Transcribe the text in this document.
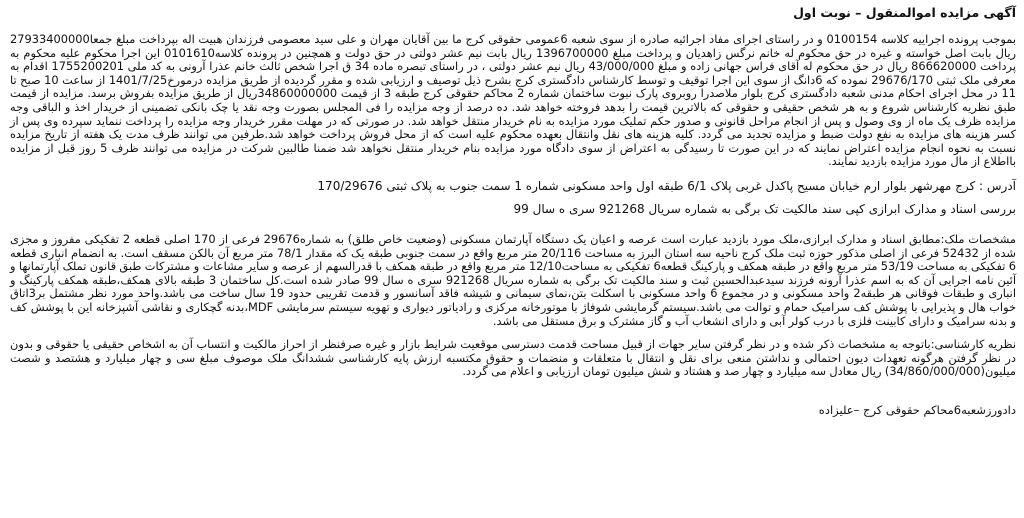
آگهی مزایده اموالمنقول – نوبت اول
بموجب پرونده اجراییه کلاسه 0100154 و در راستای اجرای مفاد اجرائیه صادره از سوی شعبه 6عمومی حقوقی کرج ما بین آقایان مهران و علی سید معصومی فرزندان هبیت اله بپرداخت مبلغ جمعا27933400000 ریال بابت اصل خواسته و غیره در حق محکوم له خانم نرگس زاهدیان و پرداخت مبلغ 1396700000 ریال بابت نیم عشر دولتی در حق دولت و همچنین در پرونده کلاسه0101610 این اجرا محکوم علیه محکوم به پرداخت 866620000 ریال در حق محکوم له آقای فراس جهانی زاده و مبلغ 43/000/000 ریال نیم عشر دولتی ، در راستای تبصره ماده 34 ق اجرا شخص ثالث خانم عذرا آرونی به کد ملی 1755200201 اقدام به معرفی ملک ثبتی 29676/170 نموده که 6دانگ از سوی این اجرا توقیف و توسط کارشناس دادگستری کرج بشرح ذیل توصیف و ارزیابی شده و مقرر گردیده از طریق مزایده درمورخ1401/7/25 از ساعت 10 صبح تا 11 در محل اجرای احکام مدنی شعبه دادگستری کرج بلوار ملاصدرا روبروی پارک نبوت ساختمان شماره 2 محاکم حقوقی کرج طبقه 3 از قیمت 34860000000ریال از طریق مزایده بفروش برسد. مزایده از قیمت طبق نظریه کارشناس شروع و به هر شخص حقیقی و حقوقی که بالاترین قیمت را بدهد فروخته خواهد شد. ده درصد از وجه مزایده را فی المجلس بصورت وجه نقد یا چک بانکی تضمینی از خریدار اخذ و الباقی وجه مزایده ظرف یک ماه از وی وصول و پس از انجام مراحل قانونی و صدور حکم تملیک مورد مزایده به نام خریدار منتقل خواهد شد. در صورتی که در مهلت مقرر خریدار وجه مزایده را پرداخت ننماید سپرده وی پس از کسر هزینه های مزایده به نفع دولت ضبط و مزایده تجدید می گردد. کلیه هزینه های نقل وانتقال بعهده محکوم علیه است که از محل فروش پرداخت خواهد شد.طرفین می توانند ظرف مدت یک هفته از تاریخ مزایده نسبت به نحوه انجام مزایده اعتراض نمایند که در این صورت تا رسیدگی به اعتراض از سوی دادگاه مورد مزایده بنام خریدار منتقل نخواهد شد ضمنا طالبین شرکت در مزایده می توانند ظرف 5 روز قبل از مزایده بااطلاع از مال مورد مزایده بازدید نمایند.
آدرس : کرج مهرشهر بلوار ارم خیابان مسیح پاکدل غربی پلاک 6/1 طبقه اول واحد مسکونی شماره 1 سمت جنوب به پلاک ثبتی 170/29676
بررسی اسناد و مدارک ابرازی کپی سند مالکیت تک برگی به شماره سریال 921268 سری ه سال 99
مشخصات ملک:مطابق اسناد و مدارک ابرازی،ملک مورد بازدید عبارت است عرصه و اعیان یک دستگاه آپارتمان مسکونی (وضعیت خاص طلق) به شماره29676 فرعی از 170 اصلی قطعه 2 تفکیکی مفروز و مجزی شده از 52432 فرعی از اصلی مذکور حوزه ثبت ملک کرج ناحیه سه استان البرز به مساحت 20/116 متر مربع واقع در سمت جنوبی طبقه یک که مقدار 78/1 متر مربع آن بالکن مسقف است. به انضمام انباری قطعه 6 تفکیکی به مساحت 53/19 متر مربع واقع در طبقه همکف و پارکینگ قطعه6 تفکیکی به مساحت12/10 متر مربع واقع در طبقه همکف با قدرالسهم از عرصه و سایر مشاعات و مشترکات طبق قانون تملک آپارتمانها و آئین نامه اجرایی آن که به اسم عذرا آرونه فرزند سیدعبدالحسین ثبت و سند مالکیت تک برگی به شماره سریال 921268 سری ه سال 99 صادر شده است.کل ساختمان 3 طبقه بالای همکف،طبقه همکف پارکینگ و انباری و طبقات فوقانی هر طبقه2 واحد مسکونی و در مجموع 6 واحد مسکونی با اسکلت بتن،نمای سیمانی و شیشه فاقد آسانسور و قدمت تقریبی حدود 19 سال ساخت می باشد.واحد مورد نظر مشتمل بر3اتاق خواب هال و پذیرایی با پوشش کف سرامیک حمام و توالت می باشد.سیستم گرمایشی شوفاژ با موتورخانه مرکزی و رادیاتور دیواری و تهویه سیستم سرمایشی MDF،بدنه گچکاری و نقاشی آشپزخانه این با پوشش کف و بدنه سرامیک و دارای کابینت فلزی با درب کولر آبی و دارای انشعاب آب و گاز مشترک و برق مستقل می باشد.
نظریه کارشناسی:باتوجه به مشخصات ذکر شده و در نظر گرفتن سایر جهات از قبیل مساحت قدمت دسترسی موقعیت شرایط بازار و غیره صرفنظر از احراز مالکیت و انتساب آن به اشخاص حقیقی یا حقوقی و بدون در نظر گرفتن هرگونه تعهدات دیون احتمالی و نداشتن منعی برای نقل و انتقال با متعلقات و منضمات و حقوق مکتسبه ارزش پایه کارشناسی ششدانگ ملک موصوف مبلغ سی و چهار میلیارد و هشتصد و شصت میلیون(34/860/000/000) ریال معادل سه میلیارد و چهار صد و هشتاد و شش میلیون تومان ارزیابی و اعلام می گردد.
دادورزشعبه6محاکم حقوقی کرج –علیزاده
